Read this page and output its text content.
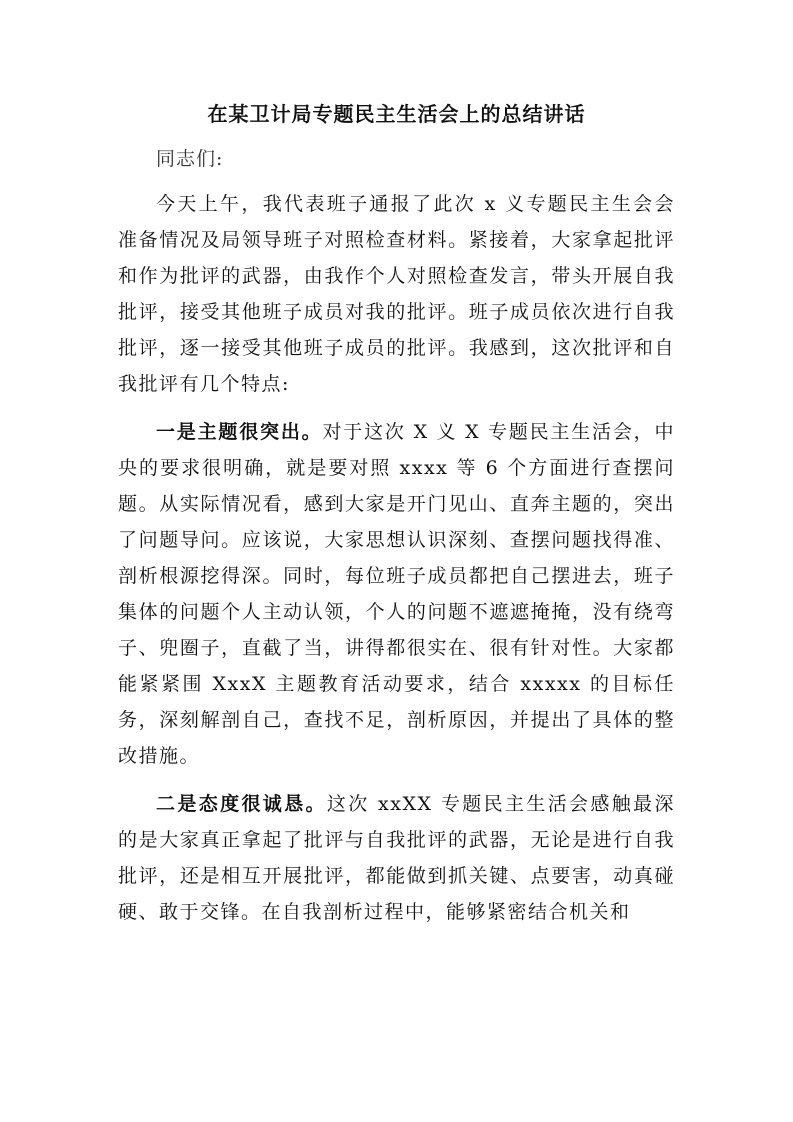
在某卫计局专题民主生活会上的总结讲话
同志们:

今天上午，我代表班子通报了此次 x 义专题民主生会会准备情况及局领导班子对照检查材料。紧接着，大家拿起批评和作为批评的武器，由我作个人对照检查发言，带头开展自我批评，接受其他班子成员对我的批评。班子成员依次进行自我批评，逐一接受其他班子成员的批评。我感到，这次批评和自我批评有几个特点:

一是主题很突出。对于这次 X 义 X 专题民主生活会，中央的要求很明确，就是要对照 xxxx 等 6 个方面进行查摆问题。从实际情况看，感到大家是开门见山、直奔主题的，突出了问题导问。应该说，大家思想认识深刻、查摆问题找得准、剖析根源挖得深。同时，每位班子成员都把自己摆进去，班子集体的问题个人主动认领，个人的问题不遮遮掩掩，没有绕弯子、兜圈子，直截了当，讲得都很实在、很有针对性。大家都能紧紧围 XxxX 主题教育活动要求，结合 xxxxx 的目标任务，深刻解剖自己，查找不足，剖析原因，并提出了具体的整改措施。

二是态度很诚恳。这次 xxXX 专题民主生活会感触最深的是大家真正拿起了批评与自我批评的武器，无论是进行自我批评，还是相互开展批评，都能做到抓关键、点要害，动真碰硬、敢于交锋。在自我剖析过程中，能够紧密结合机关和
